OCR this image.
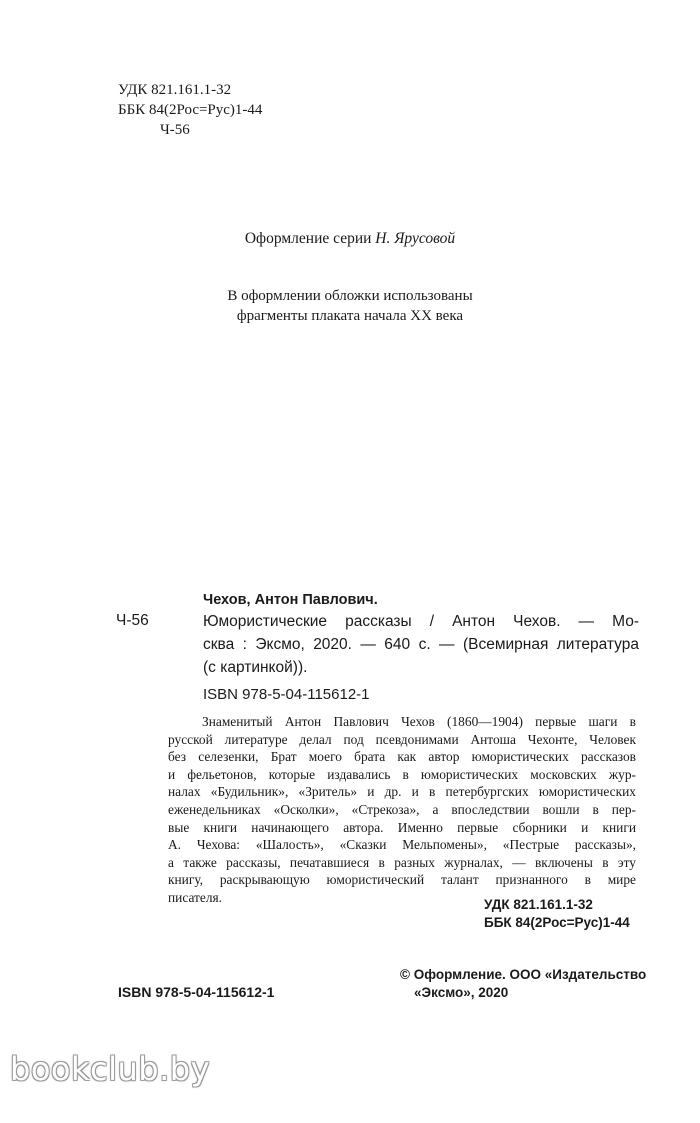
УДК 821.161.1-32
ББК 84(2Рос=Рус)1-44
Ч-56
Оформление серии Н. Ярусовой
В оформлении обложки использованы
фрагменты плаката начала XX века
Чехов, Антон Павлович.
Ч-56	Юмористические рассказы / Антон Чехов. — Мо-
сква : Эксмо, 2020. — 640 с. — (Всемирная литература
(с картинкой)).
ISBN 978-5-04-115612-1
Знаменитый Антон Павлович Чехов (1860—1904) первые шаги в
русской литературе делал под псевдонимами Антоша Чехонте, Человек
без селезенки, Брат моего брата как автор юмористических рассказов
и фельетонов, которые издавались в юмористических московских жур-
налах «Будильник», «Зритель» и др. и в петербургских юмористических
еженедельниках «Осколки», «Стрекоза», а впоследствии вошли в пер-
вые книги начинающего автора. Именно первые сборники и книги
А. Чехова: «Шалость», «Сказки Мельпомены», «Пестрые рассказы»,
а также рассказы, печатавшиеся в разных журналах, — включены в эту
книгу, раскрывающую юмористический талант признанного в мире
писателя.	УДК 821.161.1-32
ББК 84(2Рос=Рус)1-44
© Оформление. ООО «Издательство
«Эксмо», 2020
ISBN 978-5-04-115612-1
bookclub.by
